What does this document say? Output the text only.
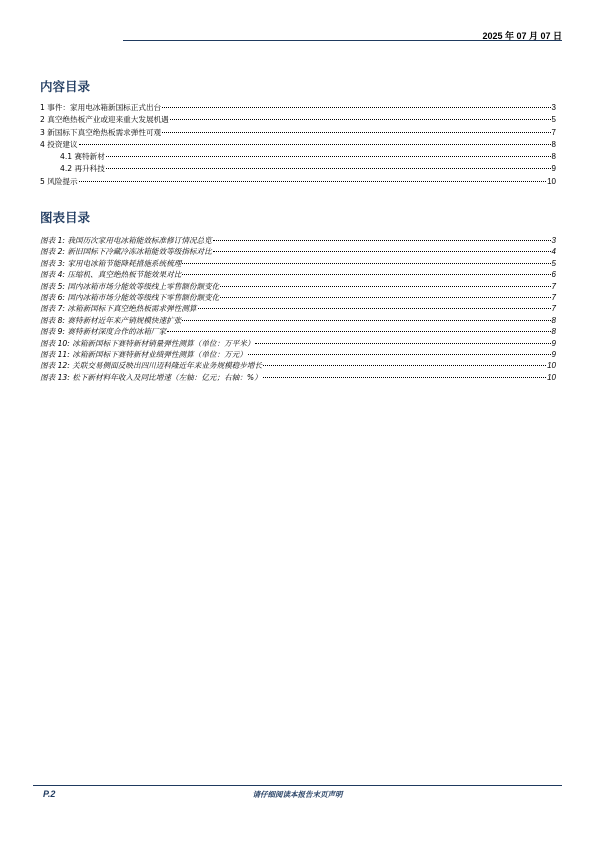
2025 年 07 月 07 日
内容目录
1 事件：家用电冰箱新国标正式出台	3
2 真空绝热板产业或迎来重大发展机遇	5
3 新国标下真空绝热板需求弹性可观	7
4 投资建议	8
4.1 赛特新材	8
4.2 再升科技	9
5 风险提示	10
图表目录
图表 1: 我国历次家用电冰箱能效标准修订情况总览	3
图表 2: 新旧国标下冷藏冷冻冰箱能效等级指标对比	4
图表 3: 家用电冰箱节能降耗措施系统梳理	5
图表 4: 压缩机、真空绝热板节能效果对比	6
图表 5: 国内冰箱市场分能效等级线上零售额份额变化	7
图表 6: 国内冰箱市场分能效等级线下零售额份额变化	7
图表 7: 冰箱新国标下真空绝热板需求弹性测算	7
图表 8: 赛特新材近年来产销规模快速扩张	8
图表 9: 赛特新材深度合作的冰箱厂家	8
图表 10: 冰箱新国标下赛特新材销量弹性测算（单位：万平米）	9
图表 11: 冰箱新国标下赛特新材业绩弹性测算（单位：万元）	9
图表 12: 关联交易侧面反映出四川迈科隆近年来业务规模稳步增长	10
图表 13: 松下新材料年收入及同比增速（左轴：亿元；右轴：%）	10
P.2	请仔细阅读本报告末页声明
